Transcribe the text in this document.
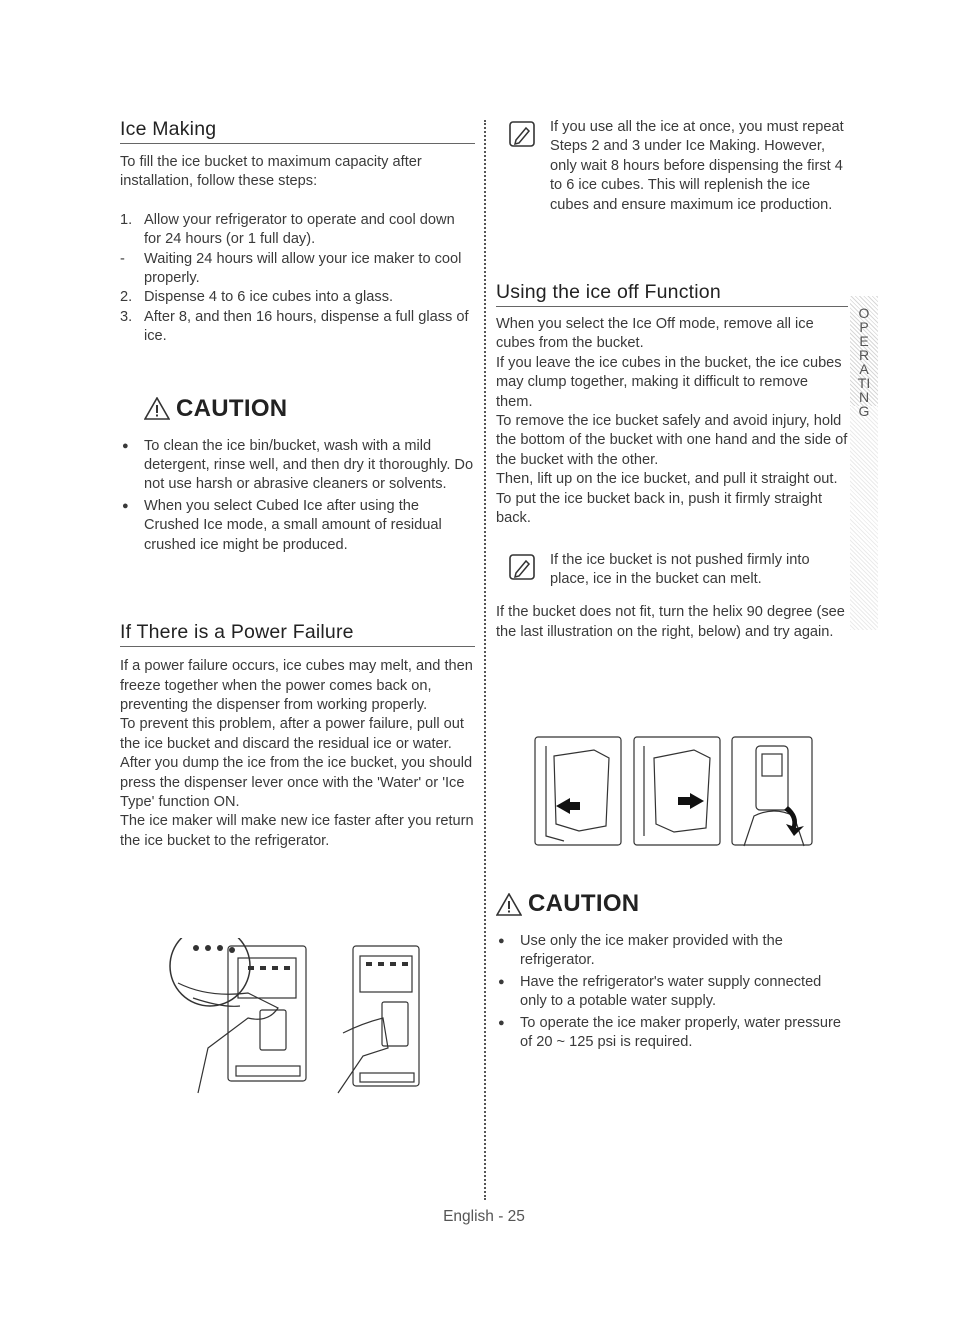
Ice Making

To fill the ice bucket to maximum capacity after installation, follow these steps:

1. Allow your refrigerator to operate and cool down for 24 hours (or 1 full day).
- Waiting 24 hours will allow your ice maker to cool properly.
2. Dispense 4 to 6 ice cubes into a glass.
3. After 8, and then 16 hours, dispense a full glass of ice.
CAUTION
● To clean the ice bin/bucket, wash with a mild detergent, rinse well, and then dry it thoroughly. Do not use harsh or abrasive cleaners or solvents.
● When you select Cubed Ice after using the Crushed Ice mode, a small amount of residual crushed ice might be produced.
If There is a Power Failure

If a power failure occurs, ice cubes may melt, and then freeze together when the power comes back on, preventing the dispenser from working properly.

To prevent this problem, after a power failure, pull out the ice bucket and discard the residual ice or water.

After you dump the ice from the ice bucket, you should press the dispenser lever once with the 'Water' or 'Ice Type' function ON.

The ice maker will make new ice faster after you return the ice bucket to the refrigerator.

If you use all the ice at once, you must repeat Steps 2 and 3 under Ice Making. However, only wait 8 hours before dispensing the first 4 to 6 ice cubes. This will replenish the ice cubes and ensure maximum ice production.

Using the ice off Function

When you select the Ice Off mode, remove all ice cubes from the bucket.

If you leave the ice cubes in the bucket, the ice cubes may clump together, making it difficult to remove them.

To remove the ice bucket safely and avoid injury, hold the bottom of the bucket with one hand and the side of the bucket with the other.

Then, lift up on the ice bucket, and pull it straight out.

To put the ice bucket back in, push it firmly straight back.

If the ice bucket is not pushed firmly into place, ice in the bucket can melt.

If the bucket does not fit, turn the helix 90 degree (see the last illustration on the right, below) and try again.

CAUTION
● Use only the ice maker provided with the refrigerator.
● Have the refrigerator's water supply connected only to a potable water supply.
● To operate the ice maker properly, water pressure of 20 ~ 125 psi is required.
OPERATING
English - 25
